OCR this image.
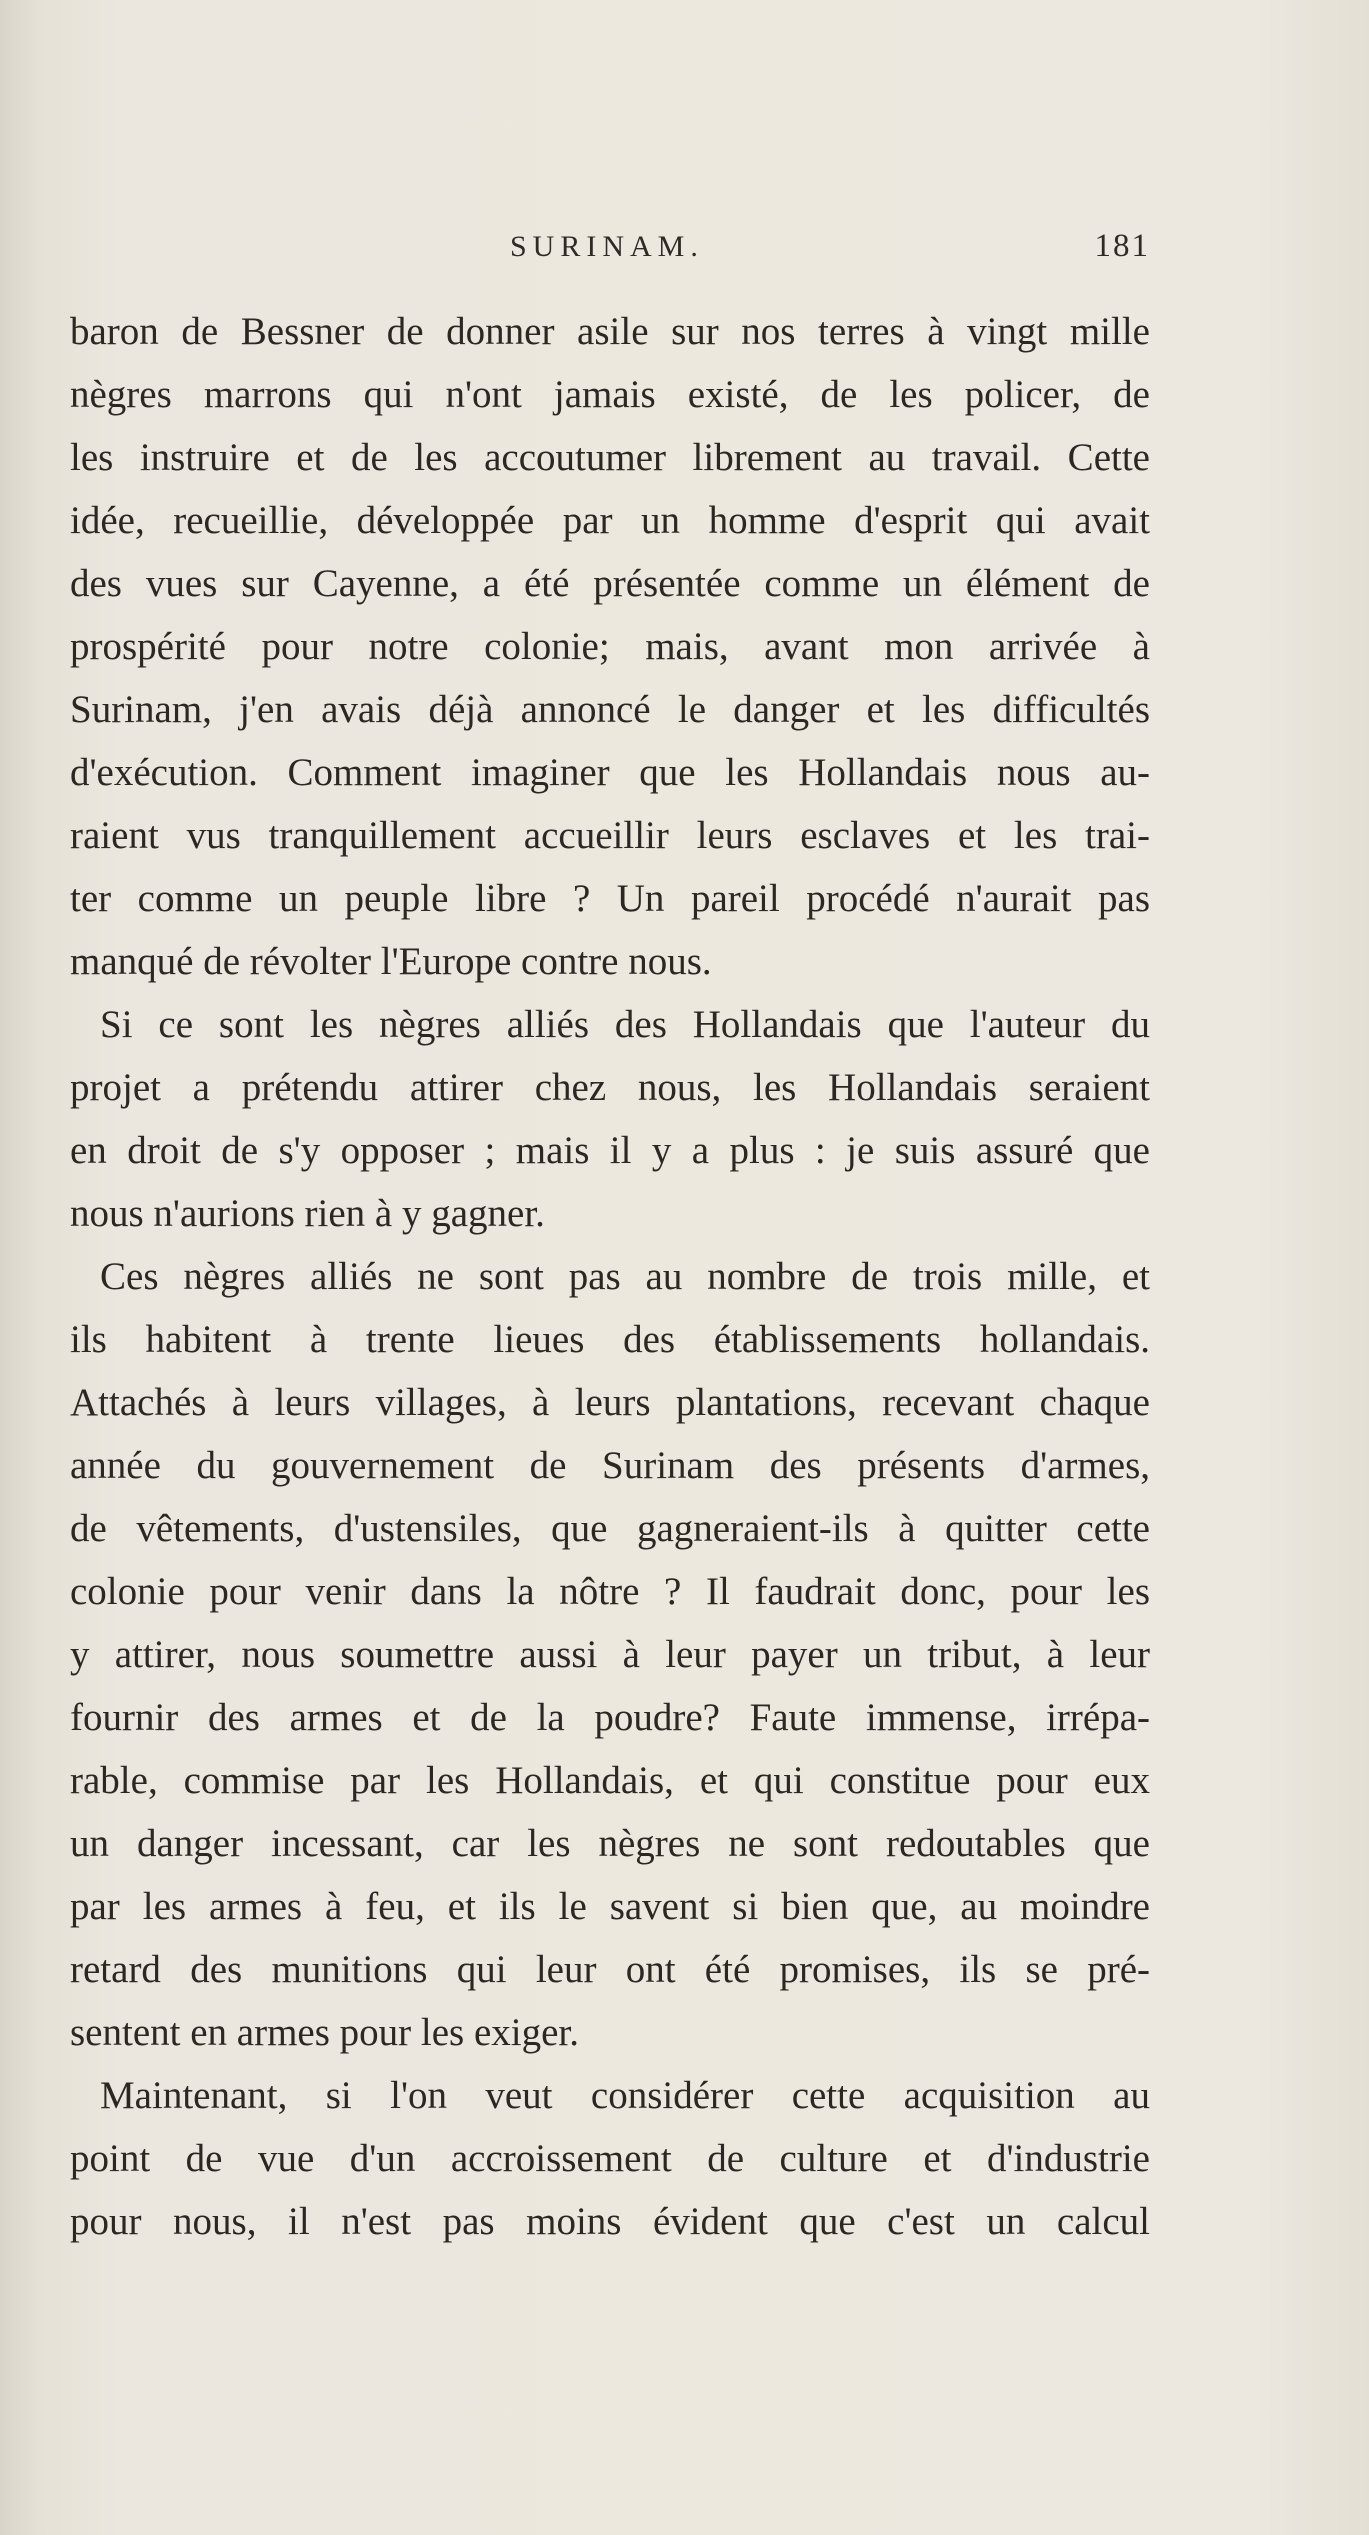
SURINAM.	181
baron de Bessner de donner asile sur nos terres à vingt mille
nègres marrons qui n'ont jamais existé, de les policer, de
les instruire et de les accoutumer librement au travail. Cette
idée, recueillie, développée par un homme d'esprit qui avait
des vues sur Cayenne, a été présentée comme un élément de
prospérité pour notre colonie; mais, avant mon arrivée à
Surinam, j'en avais déjà annoncé le danger et les difficultés
d'exécution. Comment imaginer que les Hollandais nous au-
raient vus tranquillement accueillir leurs esclaves et les trai-
ter comme un peuple libre ? Un pareil procédé n'aurait pas
manqué de révolter l'Europe contre nous.
Si ce sont les nègres alliés des Hollandais que l'auteur du
projet a prétendu attirer chez nous, les Hollandais seraient
en droit de s'y opposer ; mais il y a plus : je suis assuré que
nous n'aurions rien à y gagner.
Ces nègres alliés ne sont pas au nombre de trois mille, et
ils habitent à trente lieues des établissements hollandais.
Attachés à leurs villages, à leurs plantations, recevant chaque
année du gouvernement de Surinam des présents d'armes,
de vêtements, d'ustensiles, que gagneraient-ils à quitter cette
colonie pour venir dans la nôtre ? Il faudrait donc, pour les
y attirer, nous soumettre aussi à leur payer un tribut, à leur
fournir des armes et de la poudre? Faute immense, irrépa-
rable, commise par les Hollandais, et qui constitue pour eux
un danger incessant, car les nègres ne sont redoutables que
par les armes à feu, et ils le savent si bien que, au moindre
retard des munitions qui leur ont été promises, ils se pré-
sentent en armes pour les exiger.
Maintenant, si l'on veut considérer cette acquisition au
point de vue d'un accroissement de culture et d'industrie
pour nous, il n'est pas moins évident que c'est un calcul
